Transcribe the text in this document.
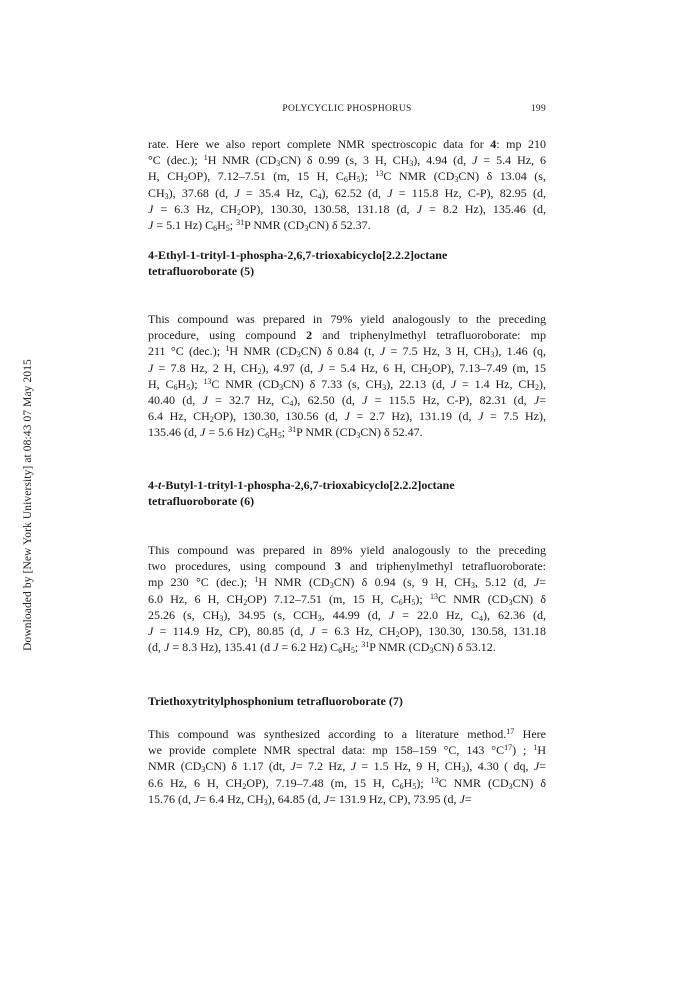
Downloaded by [New York University] at 08:43 07 May 2015
POLYCYCLIC PHOSPHORUS	199
rate. Here we also report complete NMR spectroscopic data for 4: mp 210
°C (dec.); $^1$H NMR $(CD_3CN)$ δ 0.99 (s, 3 H, $CH_3$), 4.94 (d, J = 5.4 Hz, 6
H, $CH_2OP$), 7.12–7.51 (m, 15 H, $C_6H_5$); $^{13}$C NMR $(CD_3CN)$ δ 13.04 (s,
$CH_3$), 37.68 (d, J = 35.4 Hz, $C_4$), 62.52 (d, J = 115.8 Hz, C-P), 82.95 (d,
J = 6.3 Hz, $CH_2OP$), 130.30, 130.58, 131.18 (d, J = 8.2 Hz), 135.46 (d,
J = 5.1 Hz) $C_6H_5$; $^{31}$P NMR $(CD_3CN)$ δ 52.37.
4-Ethyl-1-trityl-1-phospha-2,6,7-trioxabicyclo[2.2.2]octane
tetrafluoroborate (5)
This compound was prepared in 79% yield analogously to the preceding
procedure, using compound 2 and triphenylmethyl tetrafluoroborate: mp
211 °C (dec.); $^1$H NMR $(CD_3CN)$ δ 0.84 (t, J = 7.5 Hz, 3 H, $CH_3$), 1.46 (q,
J = 7.8 Hz, 2 H, $CH_2$), 4.97 (d, J = 5.4 Hz, 6 H, $CH_2OP$), 7.13–7.49 (m, 15
H, $C_6H_5$); $^{13}$C NMR $(CD_3CN)$ δ 7.33 (s, $CH_3$), 22.13 (d, J = 1.4 Hz, $CH_2$),
40.40 (d, J = 32.7 Hz, $C_4$), 62.50 (d, J = 115.5 Hz, C-P), 82.31 (d, J=
6.4 Hz, $CH_2OP$), 130.30, 130.56 (d, J = 2.7 Hz), 131.19 (d, J = 7.5 Hz),
135.46 (d, J = 5.6 Hz) $C_6H_5$; $^{31}$P NMR $(CD_3CN)$ δ 52.47.
4-t-Butyl-1-trityl-1-phospha-2,6,7-trioxabicyclo[2.2.2]octane
tetrafluoroborate (6)
This compound was prepared in 89% yield analogously to the preceding
two procedures, using compound 3 and triphenylmethyl tetrafluoroborate:
mp 230 °C (dec.); $^1$H NMR $(CD_3CN)$ δ 0.94 (s, 9 H, $CH_3$, 5.12 (d, J=
6.0 Hz, 6 H, $CH_2OP$) 7.12–7.51 (m, 15 H, $C_6H_5$); $^{13}$C NMR $(CD_3CN)$ δ
25.26 (s, $CH_3$), 34.95 (s, $CCH_3$, 44.99 (d, J = 22.0 Hz, $C_4$), 62.36 (d,
J = 114.9 Hz, CP), 80.85 (d, J = 6.3 Hz, $CH_2OP$), 130.30, 130.58, 131.18
(d, J = 8.3 Hz), 135.41 (d J = 6.2 Hz) $C_6H_5$; $^{31}$P NMR $(CD_3CN)$ δ 53.12.
Triethoxytritylphosphonium tetrafluoroborate (7)
This compound was synthesized according to a literature method.$^{17}$ Here
we provide complete NMR spectral data: mp 158–159 °C, 143 $^\circ C^{17}$) ; $^1$H
NMR $(CD_3CN)$ δ 1.17 (dt, J= 7.2 Hz, J = 1.5 Hz, 9 H, $CH_3$), 4.30 ( dq, J=
6.6 Hz, 6 H, $CH_2OP$), 7.19–7.48 (m, 15 H, $C_6H_5$); $^{13}$C NMR $(CD_3CN)$ δ
15.76 (d, J= 6.4 Hz, $CH_3$), 64.85 (d, J= 131.9 Hz, CP), 73.95 (d, J=
